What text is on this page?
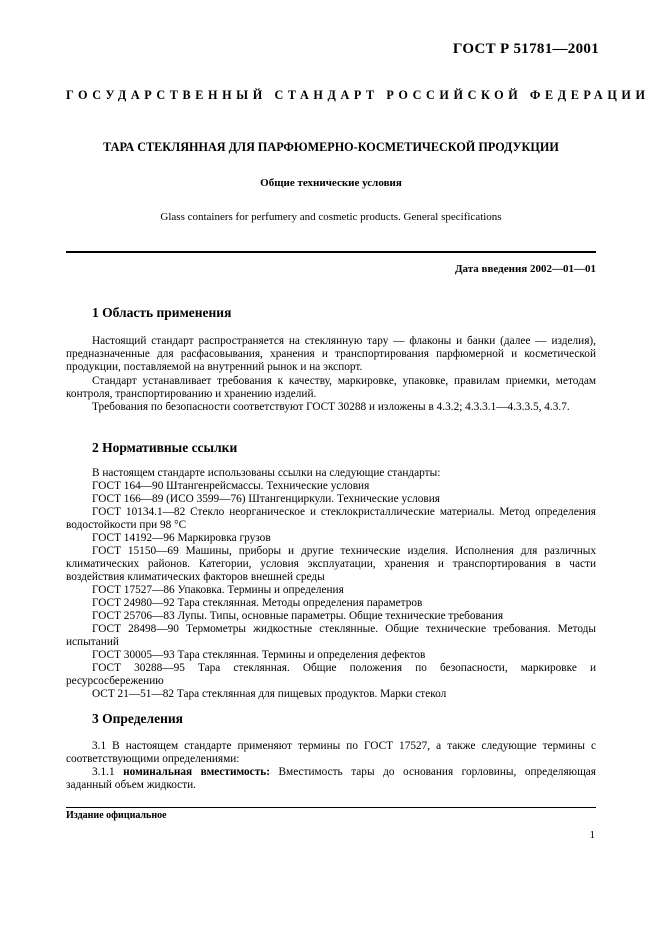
ГОСТ Р 51781—2001
ГОСУДАРСТВЕННЫЙ СТАНДАРТ РОССИЙСКОЙ ФЕДЕРАЦИИ
ТАРА СТЕКЛЯННАЯ ДЛЯ ПАРФЮМЕРНО-КОСМЕТИЧЕСКОЙ ПРОДУКЦИИ
Общие технические условия
Glass containers for perfumery and cosmetic products. General specifications
Дата введения 2002—01—01
1 Область применения
Настоящий стандарт распространяется на стеклянную тару — флаконы и банки (далее — изделия), предназначенные для расфасовывания, хранения и транспортирования парфюмерной и косметической продукции, поставляемой на внутренний рынок и на экспорт.
Стандарт устанавливает требования к качеству, маркировке, упаковке, правилам приемки, методам контроля, транспортированию и хранению изделий.
Требования по безопасности соответствуют ГОСТ 30288 и изложены в 4.3.2; 4.3.3.1—4.3.3.5, 4.3.7.
2 Нормативные ссылки
В настоящем стандарте использованы ссылки на следующие стандарты:
ГОСТ 164—90 Штангенрейсмассы. Технические условия
ГОСТ 166—89 (ИСО 3599—76) Штангенциркули. Технические условия
ГОСТ 10134.1—82 Стекло неорганическое и стеклокристаллические материалы. Метод определения водостойкости при 98 °С
ГОСТ 14192—96 Маркировка грузов
ГОСТ 15150—69 Машины, приборы и другие технические изделия. Исполнения для различных климатических районов. Категории, условия эксплуатации, хранения и транспортирования в части воздействия климатических факторов внешней среды
ГОСТ 17527—86 Упаковка. Термины и определения
ГОСТ 24980—92 Тара стеклянная. Методы определения параметров
ГОСТ 25706—83 Лупы. Типы, основные параметры. Общие технические требования
ГОСТ 28498—90 Термометры жидкостные стеклянные. Общие технические требования. Методы испытаний
ГОСТ 30005—93 Тара стеклянная. Термины и определения дефектов
ГОСТ 30288—95 Тара стеклянная. Общие положения по безопасности, маркировке и ресурсосбережению
ОСТ 21—51—82 Тара стеклянная для пищевых продуктов. Марки стекол
3 Определения
3.1 В настоящем стандарте применяют термины по ГОСТ 17527, а также следующие термины с соответствующими определениями:
3.1.1 номинальная вместимость: Вместимость тары до основания горловины, определяющая заданный объем жидкости.
Издание официальное
1
